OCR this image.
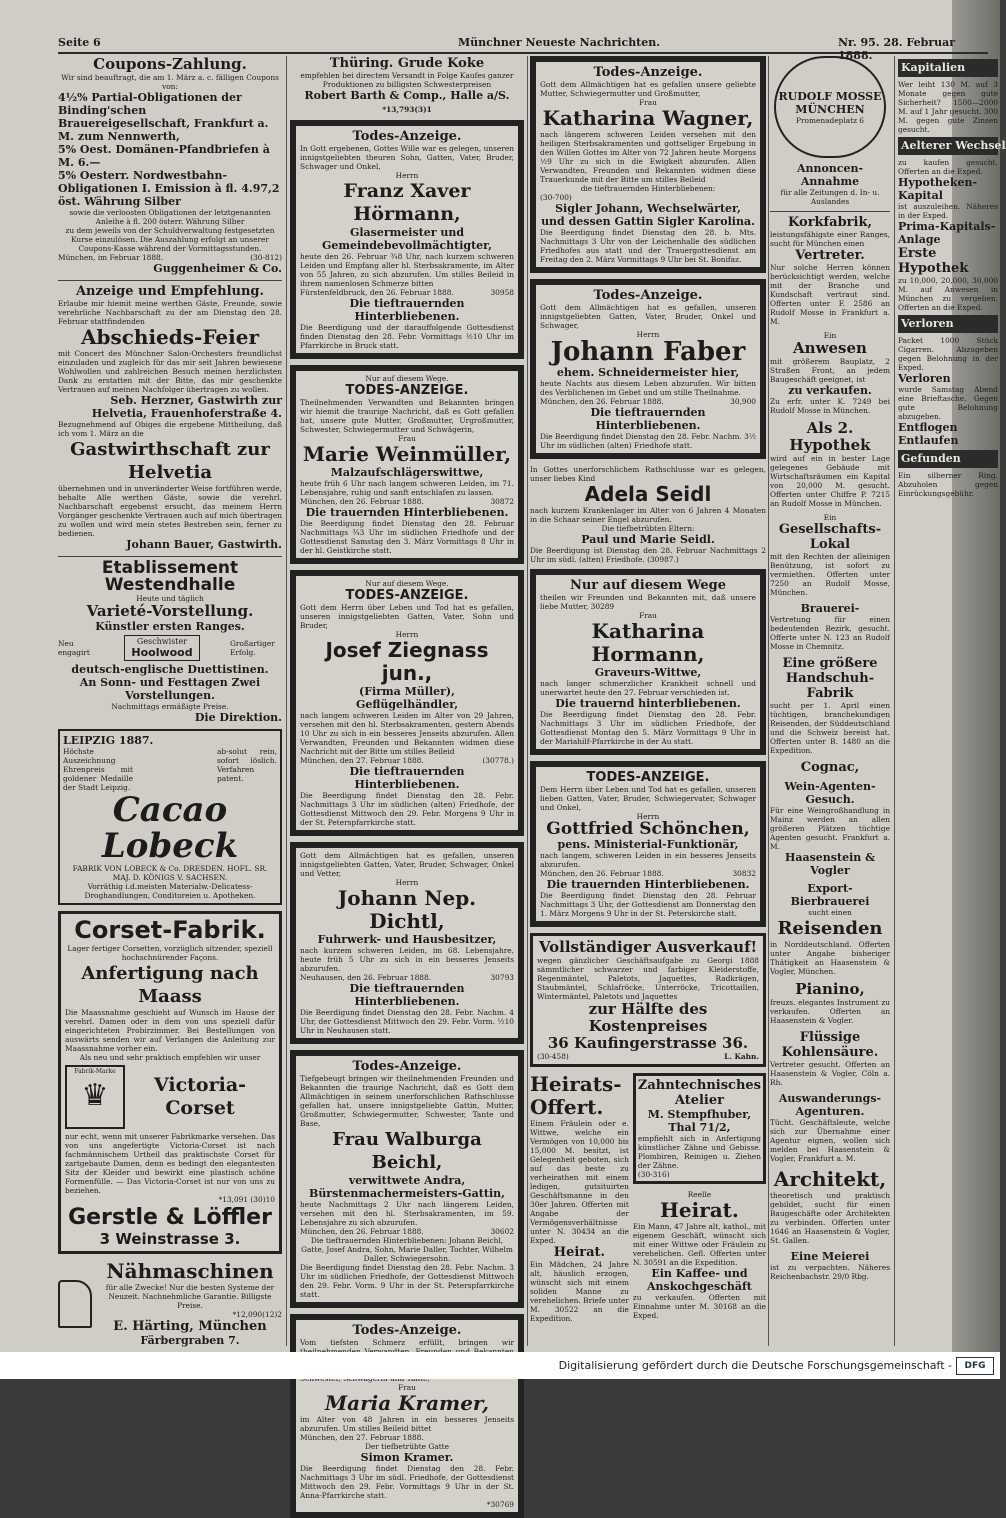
Seite 6	Münchner Neueste Nachrichten.	Nr. 95. 28. Februar 1888.
Coupons-Zahlung.
Wir sind beauftragt, die am 1. März a. c. fälligen Coupons von:
4½% Partial-Obligationen der Binding'schen Brauereigesellschaft, Frankfurt a. M. zum Nennwerth,
5% Oest. Domänen-Pfandbriefen à M. 6.—
5% Oesterr. Nordwestbahn-Obligationen I. Emission à fl. 4.97,2 öst. Währung Silber
sowie die verloosten Obligationen der letztgenannten Anleihe à fl. 200 österr. Währung Silber
zu dem jeweils von der Schuldverwaltung festgesetzten Kurse einzulösen. Die Auszahlung erfolgt an unserer Coupons-Kasse während der Vormittagsstunden.
München, im Februar 1888.	(30-812)
Guggenheimer & Co.
Anzeige und Empfehlung.
Erlaube mir hiemit meine werthen Gäste, Freunde, sowie verehrliche Nachbarschaft zu der am Dienstag den 28. Februar stattfindenden
Abschieds-Feier
mit Concert des Münchner Salon-Orchesters freundlichst einzuladen und zugleich für das mir seit Jahren bewiesene Wohlwollen und zahlreichen Besuch meinen herzlichsten Dank zu erstatten mit der Bitte, das mir geschenkte Vertrauen auf meinen Nachfolger übertragen zu wollen.
Seb. Herzner, Gastwirth zur Helvetia, Frauenhoferstraße 4.
Bezugnehmend auf Obiges die ergebene Mittheilung, daß ich vom 1. März an die
Gastwirthschaft zur Helvetia
übernehmen und in unveränderter Weise fortführen werde, behalte Alle werthen Gäste, sowie die verehrl. Nachbarschaft ergebenst ersucht, das meinem Herrn Vorgänger geschenkte Vertrauen auch auf mich übertragen zu wollen und wird mein stetes Bestreben sein, ferner zu bedienen.
Johann Bauer, Gastwirth.
Etablissement Westendhalle
Heute und täglich
Varieté-Vorstellung.
Künstler ersten Ranges.
Neu engagirt
Geschwister
Hoolwood
Großartiger Erfolg.
deutsch-englische Duettistinen.
An Sonn- und Festtagen Zwei Vorstellungen.
Nachmittags ermäßigte Preise.
Die Direktion.
LEIPZIG 1887.
Höchste Auszeichnung Ehrenpreis mit goldener Medaille der Stadt Leipzig.
ab-solut rein, sofort löslich. Verfahren patent.
Cacao Lobeck
FABRIK VON LOBECK & Co. DRESDEN. HOFL. SR. MAJ. D. KÖNIGS V. SACHSEN.
Vorräthig i.d.meisten Materialw.-Delicatess-Droghandlungen, Conditoreien u. Apotheken.
Corset-Fabrik.
Lager fertiger Corsetten, vorzüglich sitzender, speziell hochschnürender Façons.
Anfertigung nach Maass
Die Maassnahme geschieht auf Wunsch im Hause der verehrl. Damen oder in dem von uns speziell dafür eingerichteten Probirzimmer. Bei Bestellungen von auswärts senden wir auf Verlangen die Anleitung zur Maassnahme vorher ein.
Als neu und sehr praktisch empfehlen wir unser
Fabrik-Marke
♛	Victoria-Corset
nur echt, wenn mit unserer Fabrikmarke versehen. Das von uns angefertigte Victoria-Corset ist nach fachmännischem Urtheil das praktischste Corset für zartgebaute Damen, denn es bedingt den elegantesten Sitz der Kleider und bewirkt eine plastisch schöne Formenfülle. — Das Victoria-Corset ist nur von uns zu beziehen.
*13,091 (30)10
Gerstle & Löffler
3 Weinstrasse 3.
Nähmaschinen
für alle Zwecke! Nur die besten Systeme der Neuzeit. Nachnehmliche Garantie. Billigste Preise.
*12,090(12)2
E. Härting, München
Färbergraben 7.
Thüring. Grude Koke
empfehlen bei directem Versandt in Folge Kaufes ganzer Produktionen zu billigsten Schwesterpreisen
Robert Barth & Comp., Halle a/S. *13,793(3)1
Todes-Anzeige.
In Gott ergebenen, Gottes Wille war es gelegen, unseren innigstgeliebten theuren Sohn, Gatten, Vater, Bruder, Schwager und Onkel,
Herrn
Franz Xaver Hörmann,
Glasermeister und Gemeindebevollmächtigter,
heute den 26. Februar ¾8 Uhr, nach kurzem schweren Leiden und Empfang aller hl. Sterbsakramente, im Alter von 55 Jahren, zu sich abzurufen. Um stilles Beileid in ihrem namenlosen Schmerze bitten
Fürstenfeldbruck, den 26. Februar 1888.	30958
Die tieftrauernden Hinterbliebenen.
Die Beerdigung und der darauffolgende Gottesdienst finden Dienstag den 28. Febr. Vormittags ½10 Uhr im Pfarrkirche in Bruck statt.
Nur auf diesem Wege.
TODES-ANZEIGE.
Theilnehmenden Verwandten und Bekannten bringen wir hiemit die traurige Nachricht, daß es Gott gefallen hat, unsere gute Mutter, Großmutter, Urgroßmutter, Schwester, Schwiegermutter und Schwägerin,
Frau
Marie Weinmüller,
Malzaufschlägerswittwe,
heute früh 6 Uhr nach langem schweren Leiden, im 71. Lebensjahre, ruhig und sanft entschlafen zu lassen.
München, den 26. Februar 1888.	30872
Die trauernden Hinterbliebenen.
Die Beerdigung findet Dienstag den 28. Februar Nachmittags ¾3 Uhr im südlichen Friedhofe und der Gottesdienst Samstag den 3. März Vormittags 8 Uhr in der hl. Geistkirche statt.
Nur auf diesem Wege.
TODES-ANZEIGE.
Gott dem Herrn über Leben und Tod hat es gefallen, unseren innigstgeliebten Gatten, Vater, Sohn und Bruder,
Herrn
Josef Ziegnass jun.,
(Firma Müller),
Geflügelhändler,
nach langem schweren Leiden im Alter von 29 Jahren, versehen mit den hl. Sterbsakramenten, gestern Abends 10 Uhr zu sich in ein besseres Jenseits abzurufen. Allen Verwandten, Freunden und Bekannten widmen diese Nachricht mit der Bitte um stilles Beileid
München, den 27. Februar 1888.	(30778.)
Die tieftrauernden Hinterbliebenen.
Die Beerdigung findet Dienstag den 28. Febr. Nachmittags 3 Uhr im südlichen (alten) Friedhofe, der Gottesdienst Mittwoch den 29. Febr. Morgens 9 Uhr in der St. Peterspfarrkirche statt.
Gott dem Allmächtigen hat es gefallen, unseren innigstgeliebten Gatten, Vater, Bruder, Schwager, Onkel und Vetter,
Herrn
Johann Nep. Dichtl,
Fuhrwerk- und Hausbesitzer,
nach kurzem schweren Leiden, im 68. Lebensjahre, heute früh 5 Uhr zu sich in ein besseres Jenseits abzurufen.
Neuhausen, den 26. Februar 1888.	30793
Die tieftrauernden Hinterbliebenen.
Die Beerdigung findet Dienstag den 28. Febr. Nachm. 4 Uhr, der Gottesdienst Mittwoch den 29. Febr. Vorm. ½10 Uhr in Neuhausen statt.
Todes-Anzeige.
Tiefgebeugt bringen wir theilnehmenden Freunden und Bekannten die traurige Nachricht, daß es Gott dem Allmächtigen in seinem unerforschlichen Rathschlusse gefallen hat, unsere innigstgeliebte Gattin, Mutter, Großmutter, Schwiegermutter, Schwester, Tante und Base,
Frau Walburga Beichl,
verwittwete Andra,
Bürstenmachermeisters-Gattin,
heute Nachmittags 2 Uhr nach längerem Leiden, versehen mit den hl. Sterbsakramenten, im 59. Lebensjahre zu sich abzurufen.
München, den 26. Februar 1888.	30602
Die tieftrauernden Hinterbliebenen: Johann Beichl, Gatte, Josef Andra, Sohn, Marie Daller, Tochter, Wilhelm Daller, Schwiegersohn.
Die Beerdigung findet Dienstag den 28. Febr. Nachm. 3 Uhr im südlichen Friedhofe, der Gottesdienst Mittwoch den 29. Febr. Vorm. 9 Uhr in der St. Peterspfarrkirche statt.
Todes-Anzeige.
Vom tiefsten Schmerz erfüllt, bringen wir
Frau
Maria Kramer,
im Alter von 48 Jahren in ein besseres Jenseits abzurufen. Um stilles Beileid bittet
München, den 27. Februar 1888.
Der tiefbetrübte Gatte
Simon Kramer.
Die Beerdigung findet Dienstag den 28. Febr. Nachmittags 3 Uhr im südl. Friedhofe, der Gottesdienst Mittwoch den 29. Febr. Vormittags 9 Uhr in der St. Anna-Pfarrkirche statt.
*30769
Todes-Anzeige.
Gott dem Allmächtigen hat es gefallen unsere geliebte Mutter, Schwiegermutter und Großmutter,
Frau
Katharina Wagner,
nach längerem schweren Leiden versehen mit den heiligen Sterbsakramenten und gottseliger Ergebung in den Willen Gottes im Alter von 72 Jahren heute Morgens ½9 Uhr zu sich in die Ewigkeit abzurufen. Allen Verwandten, Freunden und Bekannten widmen diese Trauerkunde mit der Bitte um stilles Beileid
die tieftrauernden Hinterbliebenen:
(30-700)
Sigler Johann, Wechselwärter,
und dessen Gattin Sigler Karolina.
Die Beerdigung findet Dienstag den 28. b. Mts. Nachmittags 3 Uhr von der Leichenhalle des südlichen Friedhofes aus statt und der Trauergottesdienst am Freitag den 2. März Vormittags 9 Uhr bei St. Bonifaz.
Todes-Anzeige.
Gott dem Allmächtigen hat es gefallen, unseren innigstgeliebten Gatten, Vater, Bruder, Onkel und Schwager,
Herrn
Johann Faber
ehem. Schneidermeister hier,
heute Nachts aus diesem Leben abzurufen. Wir bitten des Verblichenen im Gebet und um stille Theilnahme.
München, den 26. Februar 1888.	30,900
Die tieftrauernden Hinterbliebenen.
Die Beerdigung findet Dienstag den 28. Febr. Nachm. 3½ Uhr im südlichen (alten) Friedhofe statt.
In Gottes unerforschlichem Rathschlusse war es gelegen, unser liebes Kind
Adela Seidl
nach kurzem Krankenlager im Alter von 6 Jahren 4 Monaten in die Schaar seiner Engel abzurufen.
Die tiefbetrübten Eltern:
Paul und Marie Seidl.
Die Beerdigung ist Dienstag den 28. Februar Nachmittags 2 Uhr im südl. (alten) Friedhofe. (30987.)
Nur auf diesem Wege
theilen wir Freunden und Bekannten mit, daß unsere liebe Mutter, 30289
Frau
Katharina Hormann,
Graveurs-Wittwe,
nach langer schmerzlicher Krankheit schnell und unerwartet heute den 27. Februar verschieden ist.
Die trauernd hinterbliebenen.
Die Beerdigung findet Dienstag den 28. Febr. Nachmittags 3 Uhr im südlichen Friedhofe, der Gottesdienst Montag den 5. März Vormittags 9 Uhr in der Mariahilf-Pfarrkirche in der Au statt.
TODES-ANZEIGE.
Dem Herrn über Leben und Tod hat es gefallen, unseren lieben Gatten, Vater, Bruder, Schwiegervater, Schwager und Onkel,
Herrn
Gottfried Schönchen,
pens. Ministerial-Funktionär,
nach langem, schweren Leiden in ein besseres Jenseits abzurufen.
München, den 26. Februar 1888.	30832
Die trauernden Hinterbliebenen.
Die Beerdigung findet Dienstag den 28. Februar Nachmittags 3 Uhr, der Gottesdienst am Donnerstag den 1. März Morgens 9 Uhr in der St. Peterskirche statt.
Vollständiger Ausverkauf!
wegen gänzlicher Geschäftsaufgabe zu Georgi 1888 sämmtlicher schwarzer und farbiger Kleiderstoffe, Regenmäntel, Paletots, Jaquettes, Radkrägen, Staubmäntel, Schlafröcke, Unterröcke, Tricottaillen, Wintermäntel, Paletots und Jaquettes
zur Hälfte des Kostenpreises
36 Kaufingerstrasse 36.
(30-458)	L. Kahn.
Heirats-Offert.
Einem Fräulein oder e. Wittwe, welche ein Vermögen von 10,000 bis 15,000 M. besitzt, ist Gelegenheit geboten, sich auf das beste zu verheirathen mit einem ledigen, gutsituirten Geschäftsmanne in den 30er Jahren. Offerten mit Angabe der Vermögensverhältnisse unter N. 30434 an die Exped.
Heirat.
Ein Mädchen, 24 Jahre alt, häuslich erzogen, wünscht sich mit einem soliden Manne zu verehelichen. Briefe unter M. 30522 an die Expedition.
Zahntechnisches Atelier
M. Stempfhuber,
Thal 71/2,
empfiehlt sich in Anfertigung künstlicher Zähne und Gebisse. Plombiren, Reinigen u. Ziehen der Zähne.
(30-316)
Reelle
Heirat.
Ein Mann, 47 Jahre alt, kathol., mit eigenem Geschäft, wünscht sich mit einer Wittwe oder Fräulein zu verehelichen. Gefl. Offerten unter N. 30591 an die Expedition.
Ein Kaffee- und Anskochgeschäft
zu verkaufen. Offerten mit Einnahme unter M. 30168 an die Exped.
RUDOLF MOSSE
MÜNCHEN
Promenadeplatz 6
Annoncen-Annahme
für alle Zeitungen d. In- u. Auslandes
Korkfabrik,
leistungsfähigste einer Ranges, sucht für München einen
Vertreter.
Nur solche Herren können berücksichtigt werden, welche mit der Branche und Kundschaft vertraut sind. Offerten unter F. 2586 an Rudolf Mosse in Frankfurt a. M.
Ein
Anwesen
mit größerem Bauplatz, 2 Straßen Front, an jedem Baugeschäft geeignet, ist
zu verkaufen.
Zu erfr. unter K. 7249 bei Rudolf Mosse in München.
Als 2. Hypothek
wird auf ein in bester Lage gelegenes Gebäude mit Wirtschaftsräumen ein Kapital von 20,000 M. gesucht. Offerten unter Chiffre P. 7215 an Rudolf Mosse in München.
Ein
Gesellschafts-Lokal
mit den Rechten der alleinigen Benützung, ist sofort zu vermiethen. Offerten unter 7250 an Rudolf Mosse, München.
Brauerei-
Vertretung für einen bedeutenden Bezirk, gesucht. Offerte unter N. 123 an Rudolf Mosse in Chemnitz.
Eine größere Handschuh-Fabrik
sucht per 1. April einen tüchtigen, branchekundigen Reisenden, der Süddeutschland und die Schweiz bereist hat. Offerten unter B. 1480 an die Expedition.
Cognac,
Wein-Agenten-Gesuch.
Für eine Weingroßhandlung in Mainz werden an allen größeren Plätzen tüchtige Agenten gesucht. Frankfurt a. M.
Haasenstein & Vogler
Export-Bierbrauerei
sucht einen
Reisenden
in Norddeutschland. Offerten unter Angabe bisheriger Thätigkeit an Haasenstein & Vogler, München.
Pianino,
freuzs. elegantes Instrument zu verkaufen. Offerten an Haasenstein & Vogler.
Flüssige Kohlensäure.
Vertreter gesucht. Offerten an Haasenstein & Vogler, Cöln a. Rh.
Auswanderungs-Agenturen.
Tücht. Geschäftsleute, welche sich zur Übernahme einer Agentur eignen, wollen sich melden bei Haasenstein & Vogler, Frankfurt a. M.
Architekt,
theoretisch und praktisch gebildet, sucht für einen Baugeschäfte oder Architekten zu verbinden. Offerten unter 1646 an Haasenstein & Vogler, St. Gallen.
Eine Meierei
ist zu verpachten. Näheres Reichenbachstr. 29/0 Rbg.
Kapitalien
Wer leiht 130 M. auf 3 Monate gegen gute Sicherheit? 1500—2000 M. auf 1 Jahr gesucht. 300 M. gegen gute Zinsen gesucht.
Aelterer Wechsel
zu kaufen gesucht. Offerten an die Exped.
Hypotheken-Kapital
ist auszuleihen. Näheres in der Exped.
Prima-Kapitals-Anlage
Erste Hypothek
zu 10,000, 20,000, 30,000 M. auf Anwesen in München zu vergeben. Offerten an die Exped.
Verloren
Packet 1000 Stück Cigarren. Abzugeben gegen Belohnung in der Exped.
Verloren
wurde Samstag Abend eine Brieftasche. Gegen gute Belohnung abzugeben.
Entflogen
Entlaufen
Gefunden
Ein silberner Ring. Abzuholen gegen Einrückungsgebühr.
Digitalisierung gefördert durch die Deutsche Forschungsgemeinschaft -	DFG
